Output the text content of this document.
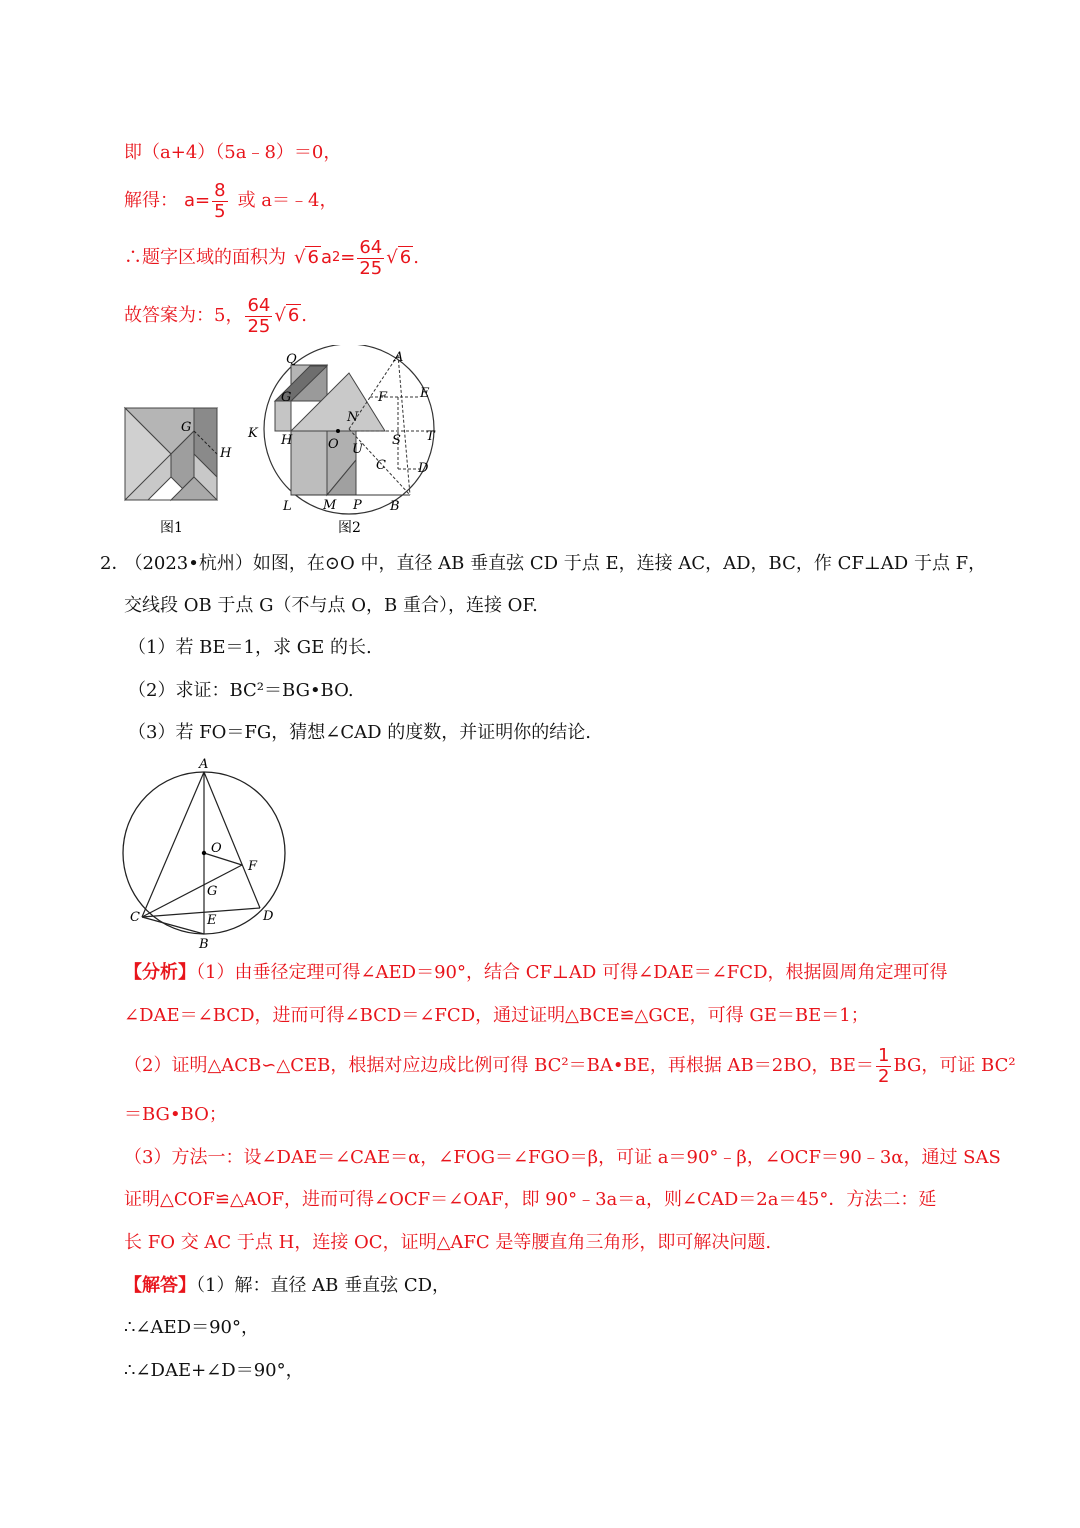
即（a+4）（5a﹣8）＝0，
解得： $a= \frac{8}{5}$ 或 a＝﹣4，
∴题字区域的面积为 √ 6 a $2 = \frac{64}{25}$ √ 6 .
故答案为：5， $\frac{64}{25}$ √ 6 .
G
H
图1
Q	A
G	F	E
N
K H	O	S T
U
C D
L M P B
图2
2． （2023•杭州）如图，在⊙O 中，直径 AB 垂直弦 CD 于点 E，连接 AC，AD，BC，作 CF⊥AD 于点 F，
交线段 OB 于点 G（不与点 O，B 重合），连接 OF.
（1）若 BE＝1，求 GE 的长.
（2）求证：BC²＝BG•BO.
（3）若 FO＝FG，猜想∠CAD 的度数，并证明你的结论.
A
O
F
G
C	E	D
B
【分析】（1）由垂径定理可得∠AED＝90°，结合 CF⊥AD 可得∠DAE＝∠FCD，根据圆周角定理可得
∠DAE＝∠BCD，进而可得∠BCD＝∠FCD，通过证明△BCE≌△GCE，可得 GE＝BE＝1；
（2）证明△ACB∽△CEB，根据对应边成比例可得 BC²＝BA•BE，再根据 AB＝2BO，$BE= \frac{1}{2}$ BG，可证 BC²
＝BG•BO；
（3）方法一：设∠DAE＝∠CAE＝α，∠FOG＝∠FGO＝β，可证 a＝90°﹣β，∠OCF＝90﹣3α，通过 SAS
证明△COF≌△AOF，进而可得∠OCF＝∠OAF，即 90°﹣3a＝a，则∠CAD＝2a＝45°．方法二：延
长 FO 交 AC 于点 H，连接 OC，证明△AFC 是等腰直角三角形，即可解决问题.
【解答】（1）解：直径 AB 垂直弦 CD，
∴∠AED＝90°，
∴∠DAE+∠D＝90°，
